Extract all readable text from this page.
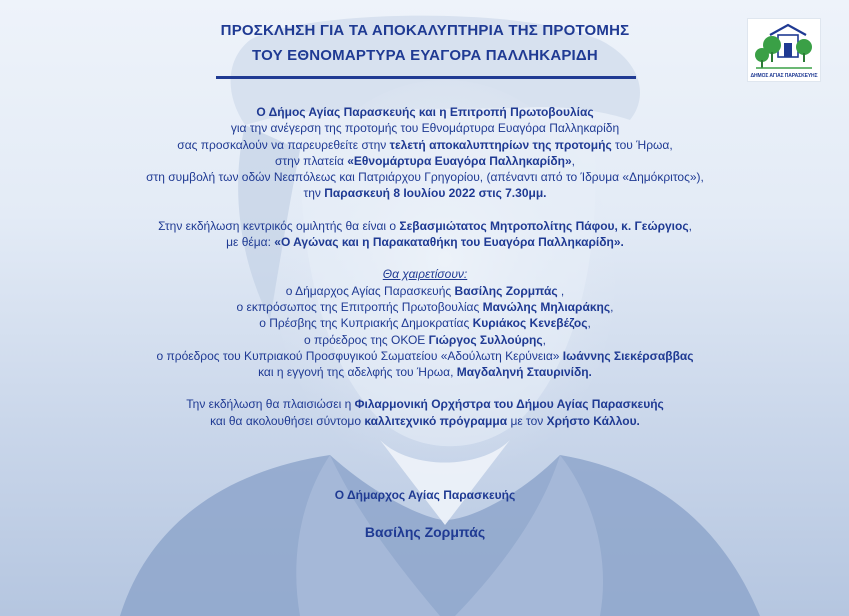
ΠΡΟΣΚΛΗΣΗ ΓΙΑ ΤΑ ΑΠΟΚΑΛΥΠΤΗΡΙΑ ΤΗΣ ΠΡΟΤΟΜΗΣ
ΤΟΥ ΕΘΝΟΜΑΡΤΥΡΑ ΕΥΑΓΟΡΑ ΠΑΛΛΗΚΑΡΙΔΗ
ΔΗΜΟΣ ΑΓΙΑΣ ΠΑΡΑΣΚΕΥΗΣ

Ο Δήμος Αγίας Παρασκευής και η Επιτροπή Πρωτοβουλίας

για την ανέγερση της προτομής του Εθνομάρτυρα Ευαγόρα Παλληκαρίδη

σας προσκαλούν να παρευρεθείτε στην τελετή αποκαλυπτηρίων της προτομής του Ήρωα,

στην πλατεία «Εθνομάρτυρα Ευαγόρα Παλληκαρίδη»,

στη συμβολή των οδών Νεαπόλεως και Πατριάρχου Γρηγορίου, (απέναντι από το Ίδρυμα «Δημόκριτος»),

την Παρασκευή 8 Ιουλίου 2022 στις 7.30μμ.

Στην εκδήλωση κεντρικός ομιλητής θα είναι ο Σεβασμιώτατος Μητροπολίτης Πάφου, κ. Γεώργιος,

με θέμα: «Ο Αγώνας και η Παρακαταθήκη του Ευαγόρα Παλληκαρίδη».

Θα χαιρετίσουν:

ο Δήμαρχος Αγίας Παρασκευής Βασίλης Ζορμπάς ,

ο εκπρόσωπος της Επιτροπής Πρωτοβουλίας Μανώλης Μηλιαράκης,

ο Πρέσβης της Κυπριακής Δημοκρατίας Κυριάκος Κενεβέζος,

ο πρόεδρος της ΟΚΟΕ Γιώργος Συλλούρης,

ο πρόεδρος του Κυπριακού Προσφυγικού Σωματείου «Αδούλωτη Κερύνεια» Ιωάννης Σιεκέρσαββας

και η εγγονή της αδελφής του Ήρωα, Μαγδαληνή Σταυρινίδη.

Την εκδήλωση θα πλαισιώσει η Φιλαρμονική Ορχήστρα του Δήμου Αγίας Παρασκευής

και θα ακολουθήσει σύντομο καλλιτεχνικό πρόγραμμα με τον Χρήστο Κάλλου.

Ο Δήμαρχος Αγίας Παρασκευής

Βασίλης Ζορμπάς
